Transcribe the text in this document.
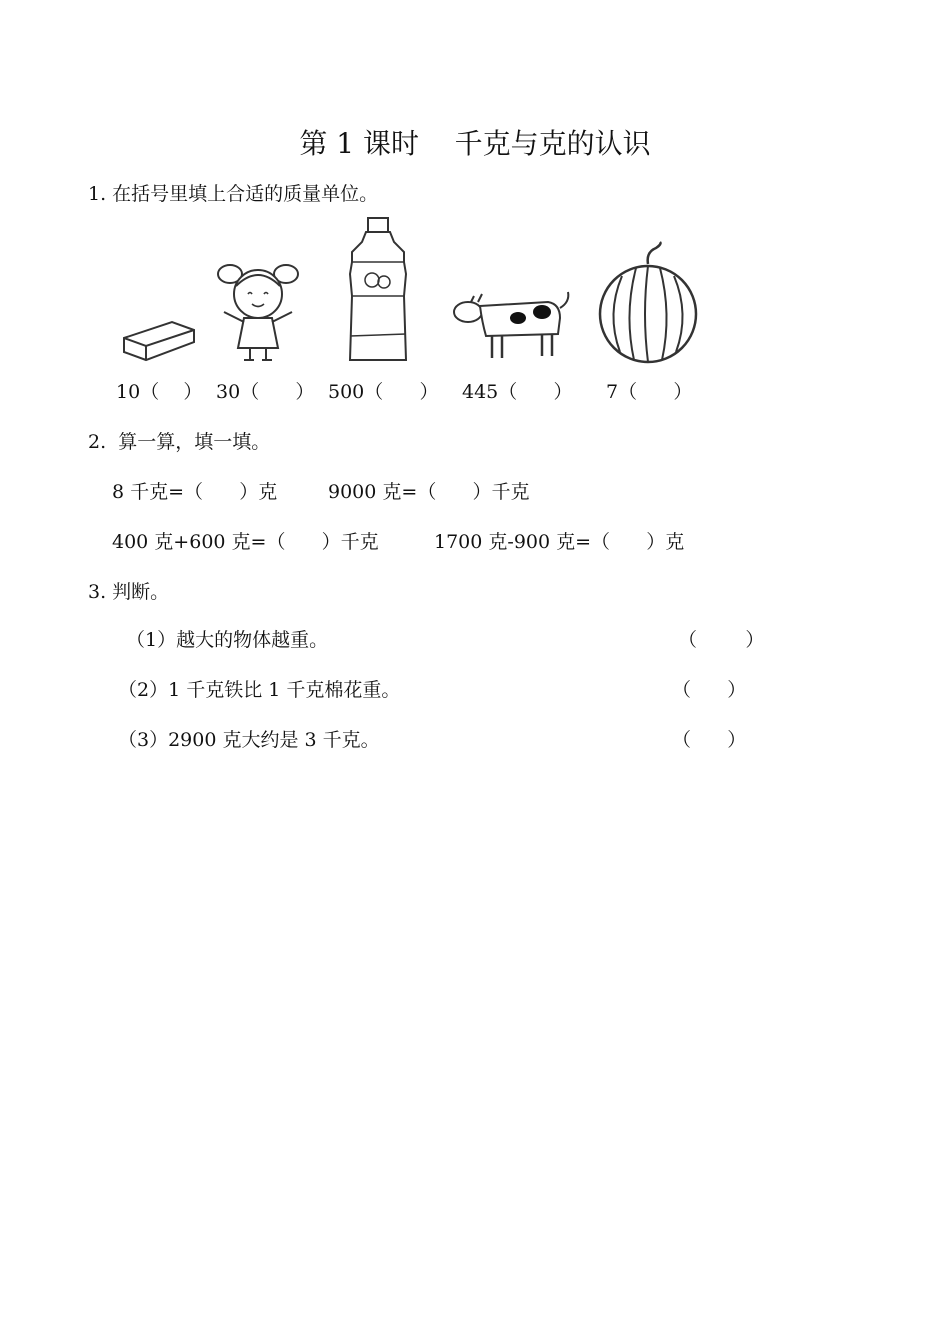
第 1 课时    千克与克的认识
1. 在括号里填上合适的质量单位。
10（    ） 30（      ） 500（      ） 445（      ） 7（      ）
2.  算一算，填一填。
8 千克=（      ）克	9000 克=（      ）千克
400 克+600 克=（      ）千克	1700 克-900 克=（      ）克
3. 判断。
（1）越大的物体越重。	（        ）
（2）1 千克铁比 1 千克棉花重。	（      ）
（3）2900 克大约是 3 千克。	（      ）
